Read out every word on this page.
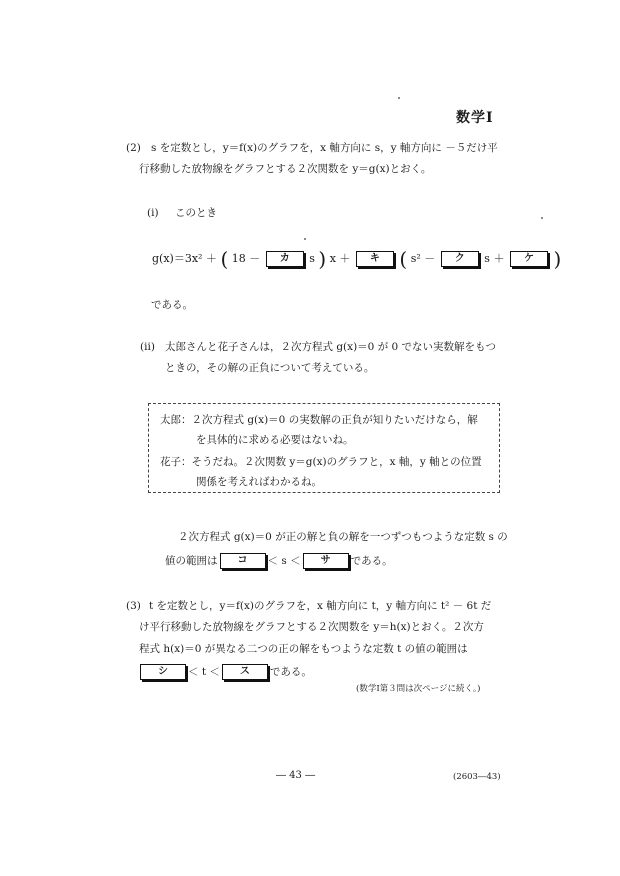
数学Ⅰ
(2) s を定数とし，y＝f(x)のグラフを，x 軸方向に s，y 軸方向に －５だけ平
行移動した放物線をグラフとする２次関数を y＝g(x)とおく。
(i) このとき
g(x)＝3x² ＋ ( 18 － カ s ) x ＋ キ ( s² － ク s ＋ ケ )
である。
(ii) 太郎さんと花子さんは，２次方程式 g(x)＝0 が 0 でない実数解をもつ
ときの，その解の正負について考えている。
太郎：２次方程式 g(x)＝0 の実数解の正負が知りたいだけなら，解
を具体的に求める必要はないね。
花子：そうだね。２次関数 y＝g(x)のグラフと，x 軸，y 軸との位置
関係を考えればわかるね。
２次方程式 g(x)＝0 が正の解と負の解を一つずつもつような定数 s の
値の範囲は コ ＜ s ＜ サ である。
(3) t を定数とし，y＝f(x)のグラフを，x 軸方向に t，y 軸方向に t² － 6t だ
け平行移動した放物線をグラフとする２次関数を y＝h(x)とおく。２次方
程式 h(x)＝0 が異なる二つの正の解をもつような定数 t の値の範囲は
シ ＜ t ＜ ス である。
(数学Ⅰ第３問は次ページに続く。)
― 43 ―	(2603―43)
